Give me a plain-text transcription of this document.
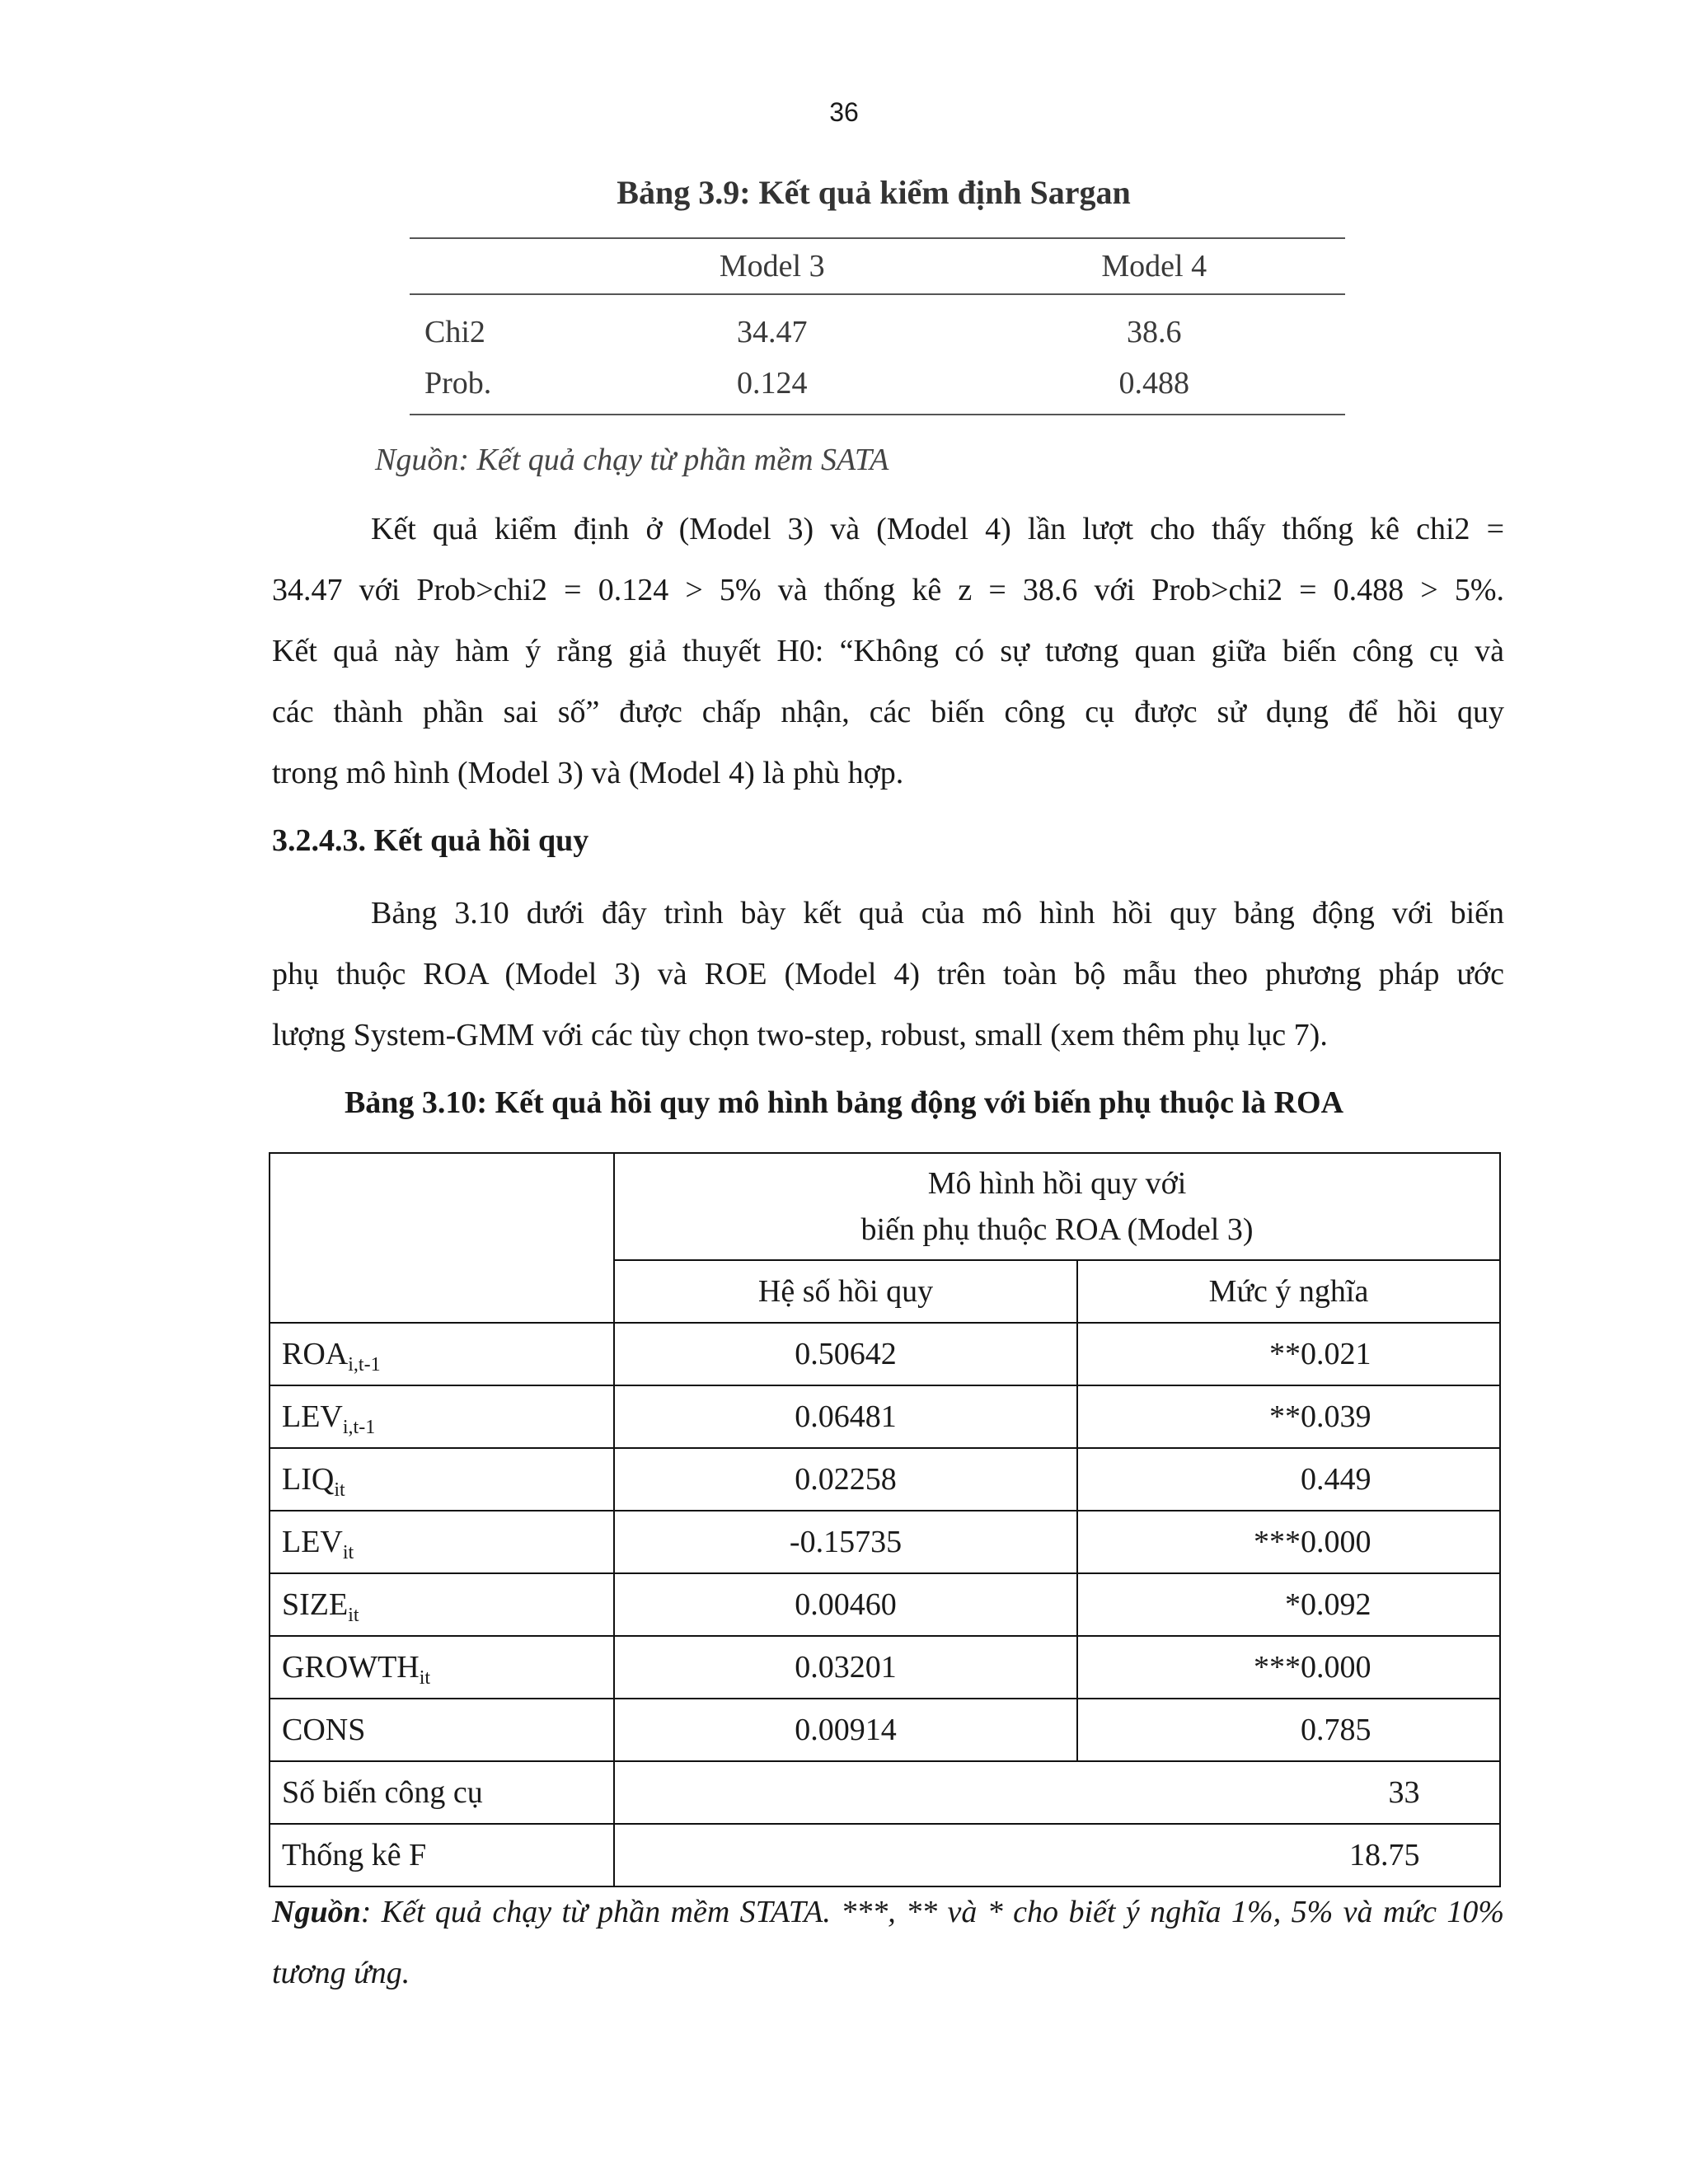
36
Bảng 3.9: Kết quả kiểm định Sargan
	Model 3	Model 4
Chi2	34.47	38.6
Prob.	0.124	0.488
Nguồn: Kết quả chạy từ phần mềm SATA
Kết quả kiểm định ở (Model 3) và (Model 4) lần lượt cho thấy thống kê chi2 =
34.47 với Prob>chi2 = 0.124 > 5% và thống kê z = 38.6 với Prob>chi2 = 0.488 > 5%.
Kết quả này hàm ý rằng giả thuyết H0: “Không có sự tương quan giữa biến công cụ và
các thành phần sai số” được chấp nhận, các biến công cụ được sử dụng để hồi quy
trong mô hình (Model 3) và (Model 4) là phù hợp.
3.2.4.3. Kết quả hồi quy
Bảng 3.10 dưới đây trình bày kết quả của mô hình hồi quy bảng động với biến
phụ thuộc ROA (Model 3) và ROE (Model 4) trên toàn bộ mẫu theo phương pháp ước
lượng System-GMM với các tùy chọn two-step, robust, small (xem thêm phụ lục 7).
Bảng 3.10: Kết quả hồi quy mô hình bảng động với biến phụ thuộc là ROA
	Mô hình hồi quy với
biến phụ thuộc ROA (Model 3)	
	Hệ số hồi quy	Mức ý nghĩa
$ROA_{i,t-1}$	0.50642	**0.021
$LEV_{i,t-1}$	0.06481	**0.039
$LIQ_{it}$	0.02258	0.449
$LEV_{it}$	-0.15735	***0.000
$SIZE_{it}$	0.00460	*0.092
$GROWTH_{it}$	0.03201	***0.000
CONS	0.00914	0.785
Số biến công cụ	33	
Thống kê F	18.75	
Nguồn: Kết quả chạy từ phần mềm STATA. ***, ** và * cho biết ý nghĩa 1%, 5% và mức 10% tương ứng.
